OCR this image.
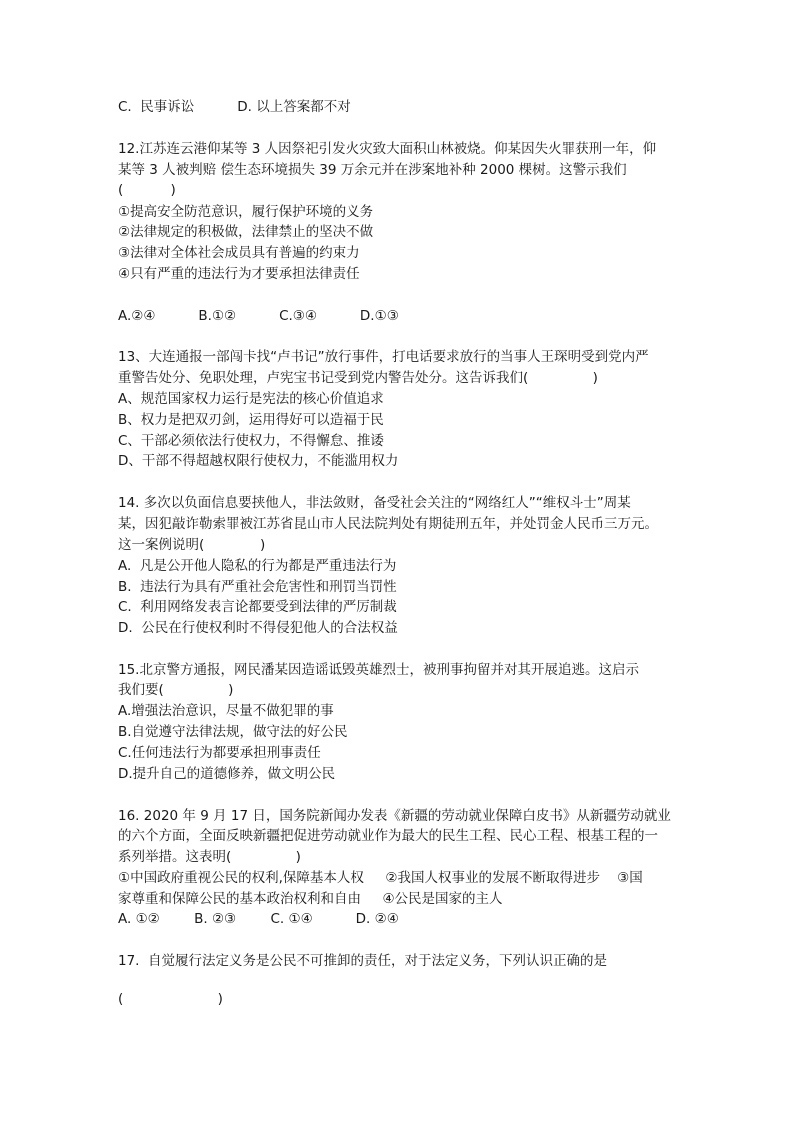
C.  民事诉讼          D. 以上答案都不对
12.江苏连云港仰某等 3 人因祭祀引发火灾致大面积山林被烧。仰某因失火罪获刑一年，仰
某等 3 人被判赔 偿生态环境损失 39 万余元并在涉案地补种 2000 棵树。这警示我们
(           )
①提高安全防范意识，履行保护环境的义务
②法律规定的积极做，法律禁止的坚决不做
③法律对全体社会成员具有普遍的约束力
④只有严重的违法行为才要承担法律责任
A.②④          B.①②          C.③④          D.①③
13、大连通报一部闯卡找“卢书记”放行事件，打电话要求放行的当事人王琛明受到党内严
重警告处分、免职处理，卢宪宝书记受到党内警告处分。这告诉我们(               )
A、规范国家权力运行是宪法的核心价值追求
B、权力是把双刃剑，运用得好可以造福于民
C、干部必须依法行使权力，不得懈怠、推诿
D、干部不得超越权限行使权力，不能滥用权力
14. 多次以负面信息要挟他人，非法敛财，备受社会关注的“网络红人”“维权斗士”周某
某，因犯敲诈勒索罪被江苏省昆山市人民法院判处有期徒刑五年，并处罚金人民币三万元。
这一案例说明(             )
A.  凡是公开他人隐私的行为都是严重违法行为
B.  违法行为具有严重社会危害性和刑罚当罚性
C.  利用网络发表言论都要受到法律的严厉制裁
D.  公民在行使权利时不得侵犯他人的合法权益
15.北京警方通报，网民潘某因造谣诋毁英雄烈士，被刑事拘留并对其开展追逃。这启示
我们要(               )
A.增强法治意识，尽量不做犯罪的事
B.自觉遵守法律法规，做守法的好公民
C.任何违法行为都要承担刑事责任
D.提升自己的道德修养，做文明公民
16. 2020 年 9 月 17 日，国务院新闻办发表《新疆的劳动就业保障白皮书》从新疆劳动就业
的六个方面，全面反映新疆把促进劳动就业作为最大的民生工程、民心工程、根基工程的一
系列举措。这表明(               )
①中国政府重视公民的权利,保障基本人权     ②我国人权事业的发展不断取得进步    ③国
家尊重和保障公民的基本政治权利和自由     ④公民是国家的主人
A. ①②        B. ②③        C. ①④          D. ②④
17.  自觉履行法定义务是公民不可推卸的责任，对于法定义务，下列认识正确的是
(                      )
